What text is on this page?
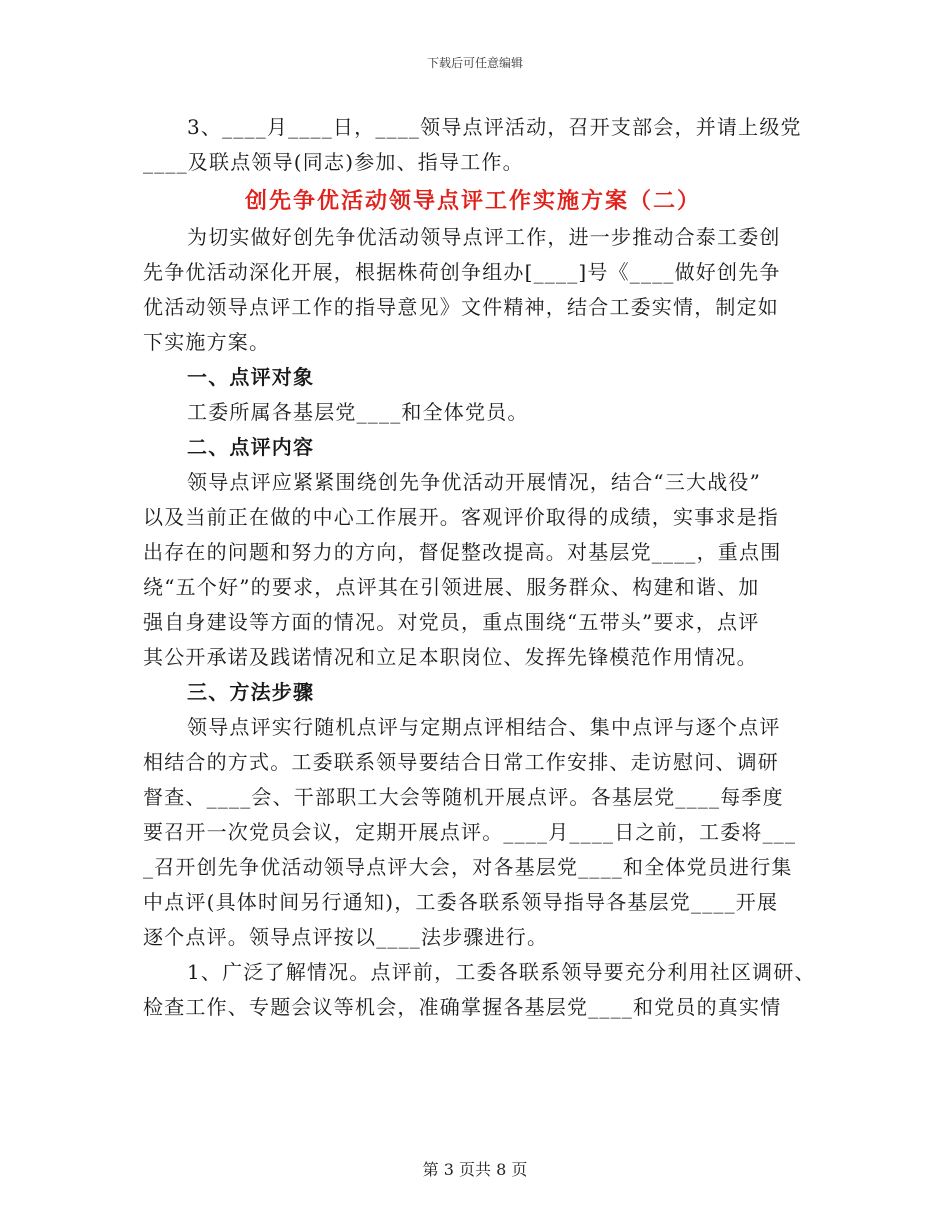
下载后可任意编辑
3、____月____日，____领导点评活动，召开支部会，并请上级党
____及联点领导(同志)参加、指导工作。
创先争优活动领导点评工作实施方案（二）
为切实做好创先争优活动领导点评工作，进一步推动合泰工委创
先争优活动深化开展，根据株荷创争组办[____]号《____做好创先争
优活动领导点评工作的指导意见》文件精神，结合工委实情，制定如
下实施方案。
一、点评对象
工委所属各基层党____和全体党员。
二、点评内容
领导点评应紧紧围绕创先争优活动开展情况，结合“三大战役”
以及当前正在做的中心工作展开。客观评价取得的成绩，实事求是指
出存在的问题和努力的方向，督促整改提高。对基层党____，重点围
绕“五个好”的要求，点评其在引领进展、服务群众、构建和谐、加
强自身建设等方面的情况。对党员，重点围绕“五带头”要求，点评
其公开承诺及践诺情况和立足本职岗位、发挥先锋模范作用情况。
三、方法步骤
领导点评实行随机点评与定期点评相结合、集中点评与逐个点评
相结合的方式。工委联系领导要结合日常工作安排、走访慰问、调研
督查、____会、干部职工大会等随机开展点评。各基层党____每季度
要召开一次党员会议，定期开展点评。____月____日之前，工委将___
_召开创先争优活动领导点评大会，对各基层党____和全体党员进行集
中点评(具体时间另行通知)，工委各联系领导指导各基层党____开展
逐个点评。领导点评按以____法步骤进行。
1、广泛了解情况。点评前，工委各联系领导要充分利用社区调研、
检查工作、专题会议等机会，准确掌握各基层党____和党员的真实情
第 3 页共 8 页
